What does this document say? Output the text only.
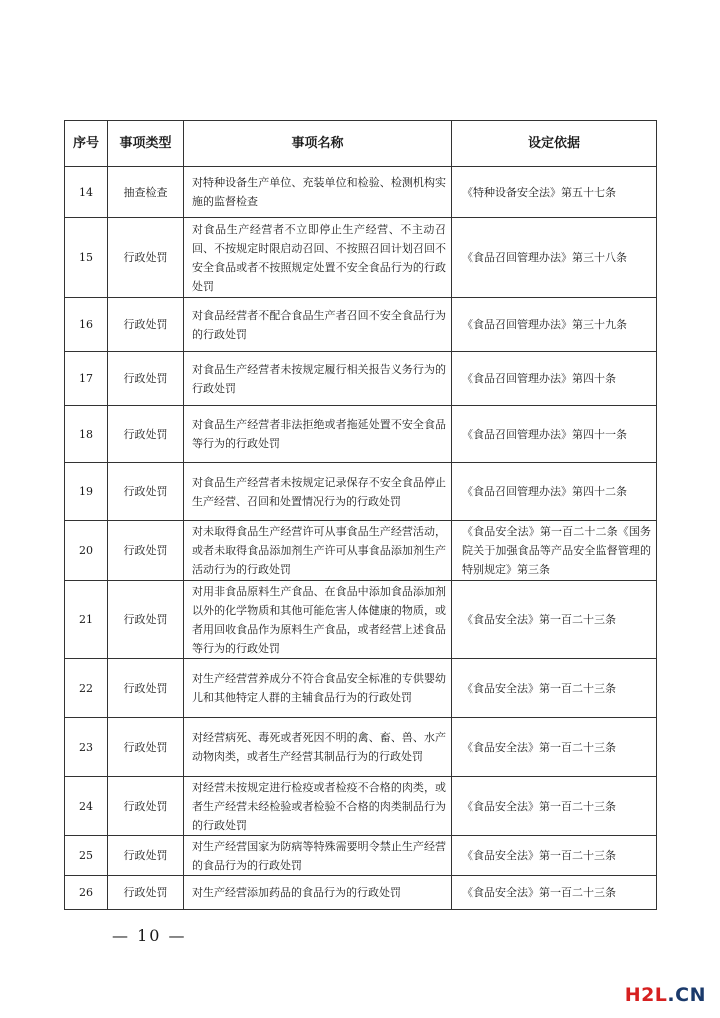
序号	事项类型	事项名称	设定依据
14	抽查检查	对特种设备生产单位、充装单位和检验、检测机构实施的监督检查	《特种设备安全法》第五十七条
15	行政处罚	对食品生产经营者不立即停止生产经营、不主动召回、不按规定时限启动召回、不按照召回计划召回不安全食品或者不按照规定处置不安全食品行为的行政处罚	《食品召回管理办法》第三十八条
16	行政处罚	对食品经营者不配合食品生产者召回不安全食品行为的行政处罚	《食品召回管理办法》第三十九条
17	行政处罚	对食品生产经营者未按规定履行相关报告义务行为的行政处罚	《食品召回管理办法》第四十条
18	行政处罚	对食品生产经营者非法拒绝或者拖延处置不安全食品等行为的行政处罚	《食品召回管理办法》第四十一条
19	行政处罚	对食品生产经营者未按规定记录保存不安全食品停止生产经营、召回和处置情况行为的行政处罚	《食品召回管理办法》第四十二条
20	行政处罚	对未取得食品生产经营许可从事食品生产经营活动，或者未取得食品添加剂生产许可从事食品添加剂生产活动行为的行政处罚	《食品安全法》第一百二十二条《国务院关于加强食品等产品安全监督管理的特别规定》第三条
21	行政处罚	对用非食品原料生产食品、在食品中添加食品添加剂以外的化学物质和其他可能危害人体健康的物质，或者用回收食品作为原料生产食品，或者经营上述食品等行为的行政处罚	《食品安全法》第一百二十三条
22	行政处罚	对生产经营营养成分不符合食品安全标准的专供婴幼儿和其他特定人群的主辅食品行为的行政处罚	《食品安全法》第一百二十三条
23	行政处罚	对经营病死、毒死或者死因不明的禽、畜、兽、水产动物肉类，或者生产经营其制品行为的行政处罚	《食品安全法》第一百二十三条
24	行政处罚	对经营未按规定进行检疫或者检疫不合格的肉类，或者生产经营未经检验或者检验不合格的肉类制品行为的行政处罚	《食品安全法》第一百二十三条
25	行政处罚	对生产经营国家为防病等特殊需要明令禁止生产经营的食品行为的行政处罚	《食品安全法》第一百二十三条
26	行政处罚	对生产经营添加药品的食品行为的行政处罚	《食品安全法》第一百二十三条
— 10 —
H2L.CN
